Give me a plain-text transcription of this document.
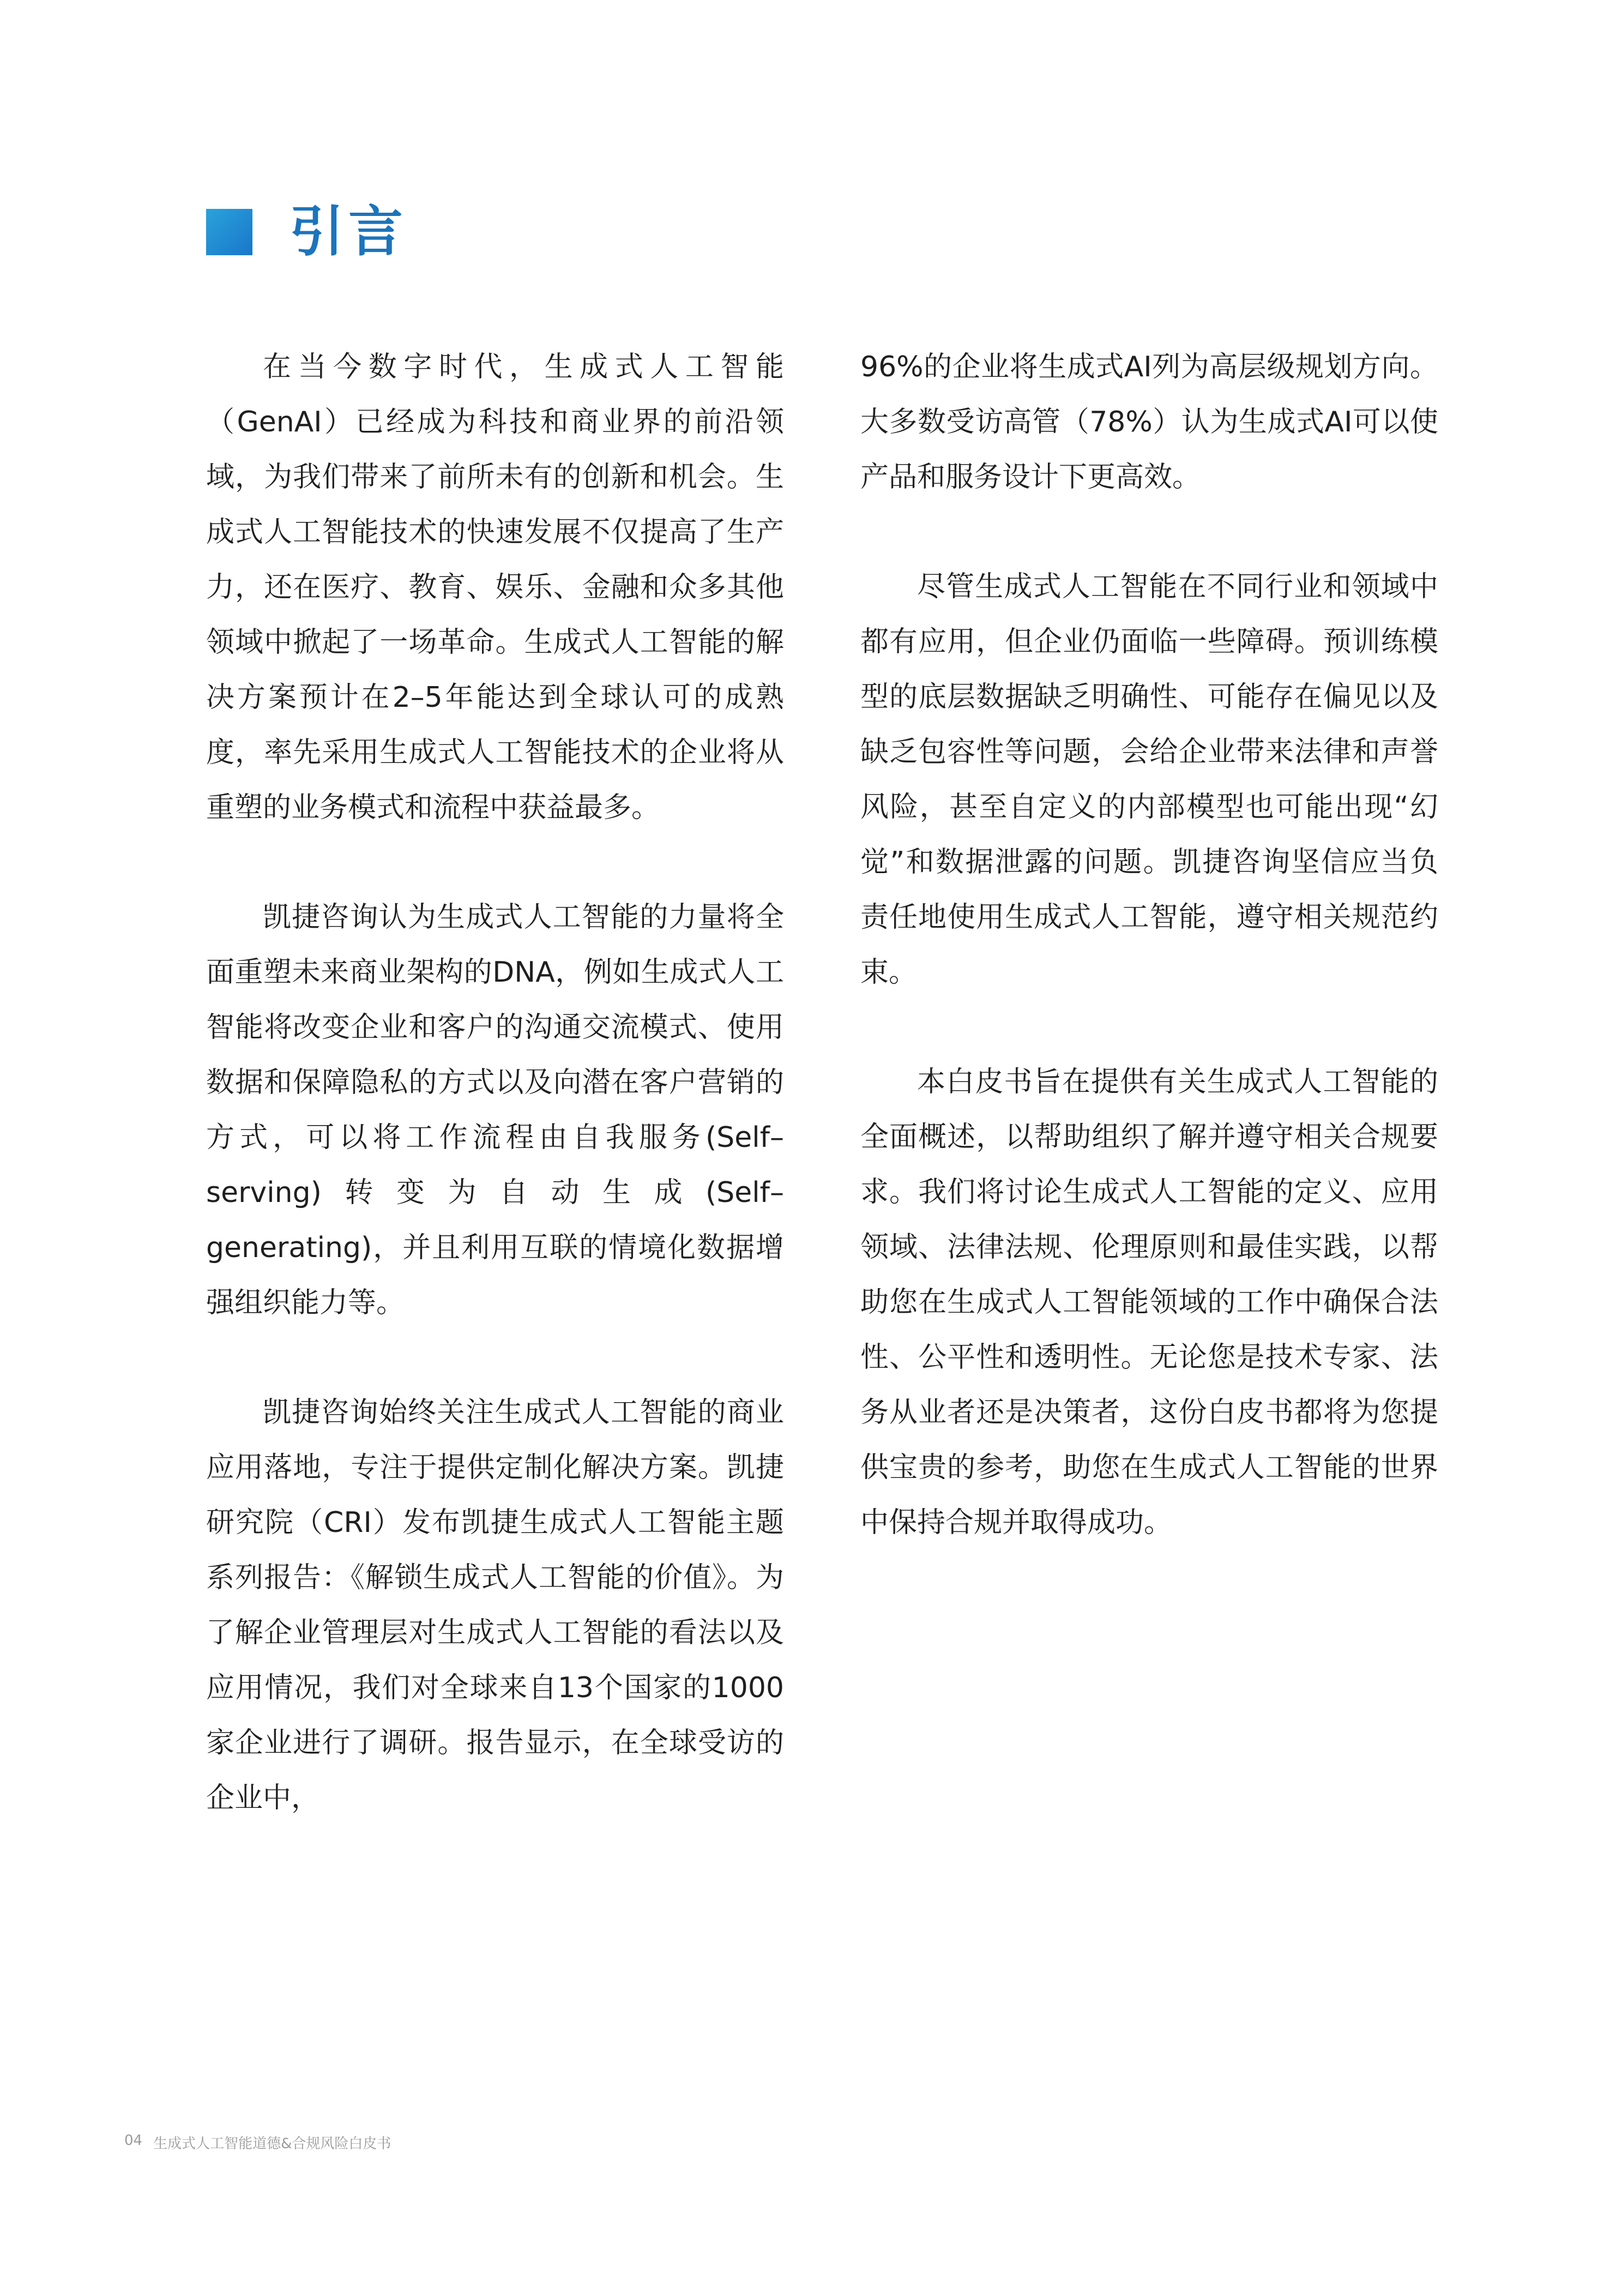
引言

在当今数字时代，生成式人工智能（GenAI）已经成为科技和商业界的前沿领域，为我们带来了前所未有的创新和机会。生成式人工智能技术的快速发展不仅提高了生产力，还在医疗、教育、娱乐、金融和众多其他领域中掀起了一场革命。生成式人工智能的解决方案预计在2–5年能达到全球认可的成熟度，率先采用生成式人工智能技术的企业将从重塑的业务模式和流程中获益最多。

凯捷咨询认为生成式人工智能的力量将全面重塑未来商业架构的DNA，例如生成式人工智能将改变企业和客户的沟通交流模式、使用数据和保障隐私的方式以及向潜在客户营销的方式，可以将工作流程由自我服务(Self–serving)转变为自动生成(Self–generating)，并且利用互联的情境化数据增强组织能力等。

凯捷咨询始终关注生成式人工智能的商业应用落地，专注于提供定制化解决方案。凯捷研究院（CRI）发布凯捷生成式人工智能主题系列报告：《解锁生成式人工智能的价值》。为了解企业管理层对生成式人工智能的看法以及应用情况，我们对全球来自13个国家的1000家企业进行了调研。报告显示，在全球受访的企业中，

96%的企业将生成式AI列为高层级规划方向。大多数受访高管（78%）认为生成式AI可以使产品和服务设计下更高效。

尽管生成式人工智能在不同行业和领域中都有应用，但企业仍面临一些障碍。预训练模型的底层数据缺乏明确性、可能存在偏见以及缺乏包容性等问题，会给企业带来法律和声誉风险，甚至自定义的内部模型也可能出现“幻觉”和数据泄露的问题。凯捷咨询坚信应当负责任地使用生成式人工智能，遵守相关规范约束。

本白皮书旨在提供有关生成式人工智能的全面概述，以帮助组织了解并遵守相关合规要求。我们将讨论生成式人工智能的定义、应用领域、法律法规、伦理原则和最佳实践，以帮助您在生成式人工智能领域的工作中确保合法性、公平性和透明性。无论您是技术专家、法务从业者还是决策者，这份白皮书都将为您提供宝贵的参考，助您在生成式人工智能的世界中保持合规并取得成功。

04 生成式人工智能道德&合规风险白皮书
